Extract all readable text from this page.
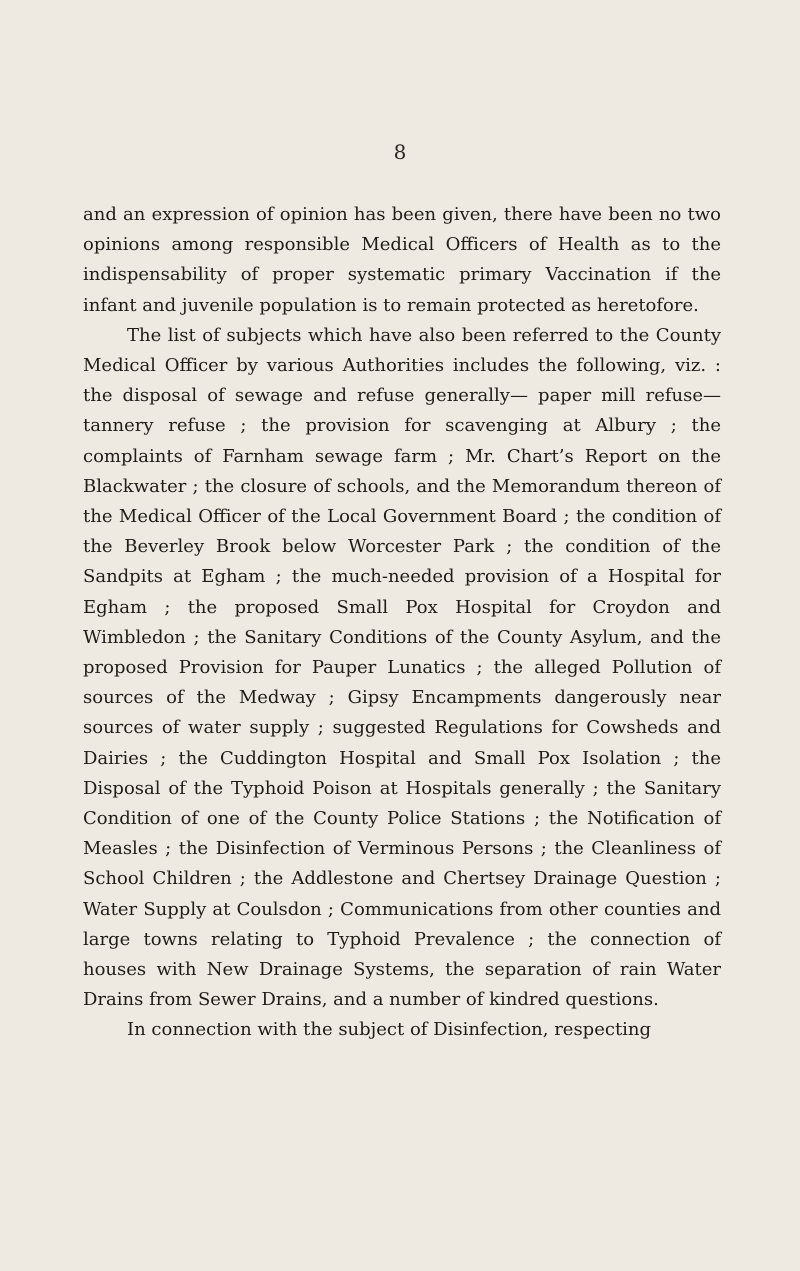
8

and an expression of opinion has been given, there have been no two opinions among responsible Medical Officers of Health as to the indispensability of proper systematic primary Vaccination if the infant and juvenile population is to remain protected as heretofore.

The list of subjects which have also been referred to the County Medical Officer by various Authorities includes the following, viz. : the disposal of sewage and refuse generally— paper mill refuse—tannery refuse ; the provision for scavenging at Albury ; the complaints of Farnham sewage farm ; Mr. Chart’s Report on the Blackwater ; the closure of schools, and the Memorandum thereon of the Medical Officer of the Local Government Board ; the condition of the Beverley Brook below Worcester Park ; the condition of the Sandpits at Egham ; the much-needed provision of a Hospital for Egham ; the proposed Small Pox Hospital for Croydon and Wimbledon ; the Sanitary Conditions of the County Asylum, and the proposed Provision for Pauper Lunatics ; the alleged Pollution of sources of the Medway ; Gipsy Encampments dangerously near sources of water supply ; suggested Regulations for Cowsheds and Dairies ; the Cuddington Hospital and Small Pox Isolation ; the Disposal of the Typhoid Poison at Hospitals generally ; the Sanitary Condition of one of the County Police Stations ; the Notification of Measles ; the Disinfection of Verminous Persons ; the Cleanliness of School Children ; the Addlestone and Chertsey Drainage Question ; Water Supply at Coulsdon ; Communications from other counties and large towns relating to Typhoid Prevalence ; the connection of houses with New Drainage Systems, the separation of rain Water Drains from Sewer Drains, and a number of kindred questions.

In connection with the subject of Disinfection, respecting
